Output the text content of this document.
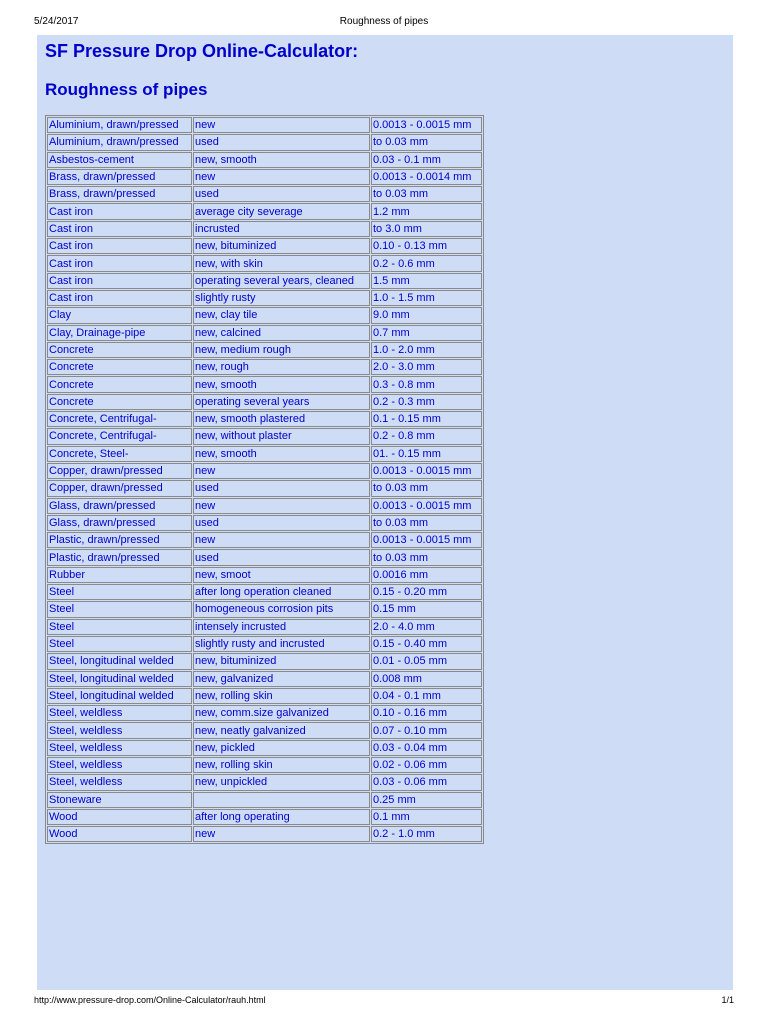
5/24/2017	Roughness of pipes
SF Pressure Drop Online-Calculator:
Roughness of pipes
Aluminium, drawn/pressed	new	0.0013 - 0.0015 mm
Aluminium, drawn/pressed	used	to 0.03 mm
Asbestos-cement	new, smooth	0.03 - 0.1 mm
Brass, drawn/pressed	new	0.0013 - 0.0014 mm
Brass, drawn/pressed	used	to 0.03 mm
Cast iron	average city severage	1.2 mm
Cast iron	incrusted	to 3.0 mm
Cast iron	new, bituminized	0.10 - 0.13 mm
Cast iron	new, with skin	0.2 - 0.6 mm
Cast iron	operating several years, cleaned	1.5 mm
Cast iron	slightly rusty	1.0 - 1.5 mm
Clay	new, clay tile	9.0 mm
Clay, Drainage-pipe	new, calcined	0.7 mm
Concrete	new, medium rough	1.0 - 2.0 mm
Concrete	new, rough	2.0 - 3.0 mm
Concrete	new, smooth	0.3 - 0.8 mm
Concrete	operating several years	0.2 - 0.3 mm
Concrete, Centrifugal-	new, smooth plastered	0.1 - 0.15 mm
Concrete, Centrifugal-	new, without plaster	0.2 - 0.8 mm
Concrete, Steel-	new, smooth	01. - 0.15 mm
Copper, drawn/pressed	new	0.0013 - 0.0015 mm
Copper, drawn/pressed	used	to 0.03 mm
Glass, drawn/pressed	new	0.0013 - 0.0015 mm
Glass, drawn/pressed	used	to 0.03 mm
Plastic, drawn/pressed	new	0.0013 - 0.0015 mm
Plastic, drawn/pressed	used	to 0.03 mm
Rubber	new, smoot	0.0016 mm
Steel	after long operation cleaned	0.15 - 0.20 mm
Steel	homogeneous corrosion pits	0.15 mm
Steel	intensely incrusted	2.0 - 4.0 mm
Steel	slightly rusty and incrusted	0.15 - 0.40 mm
Steel, longitudinal welded	new, bituminized	0.01 - 0.05 mm
Steel, longitudinal welded	new, galvanized	0.008 mm
Steel, longitudinal welded	new, rolling skin	0.04 - 0.1 mm
Steel, weldless	new, comm.size galvanized	0.10 - 0.16 mm
Steel, weldless	new, neatly galvanized	0.07 - 0.10 mm
Steel, weldless	new, pickled	0.03 - 0.04 mm
Steel, weldless	new, rolling skin	0.02 - 0.06 mm
Steel, weldless	new, unpickled	0.03 - 0.06 mm
Stoneware		0.25 mm
Wood	after long operating	0.1 mm
Wood	new	0.2 - 1.0 mm
http://www.pressure-drop.com/Online-Calculator/rauh.html	1/1
